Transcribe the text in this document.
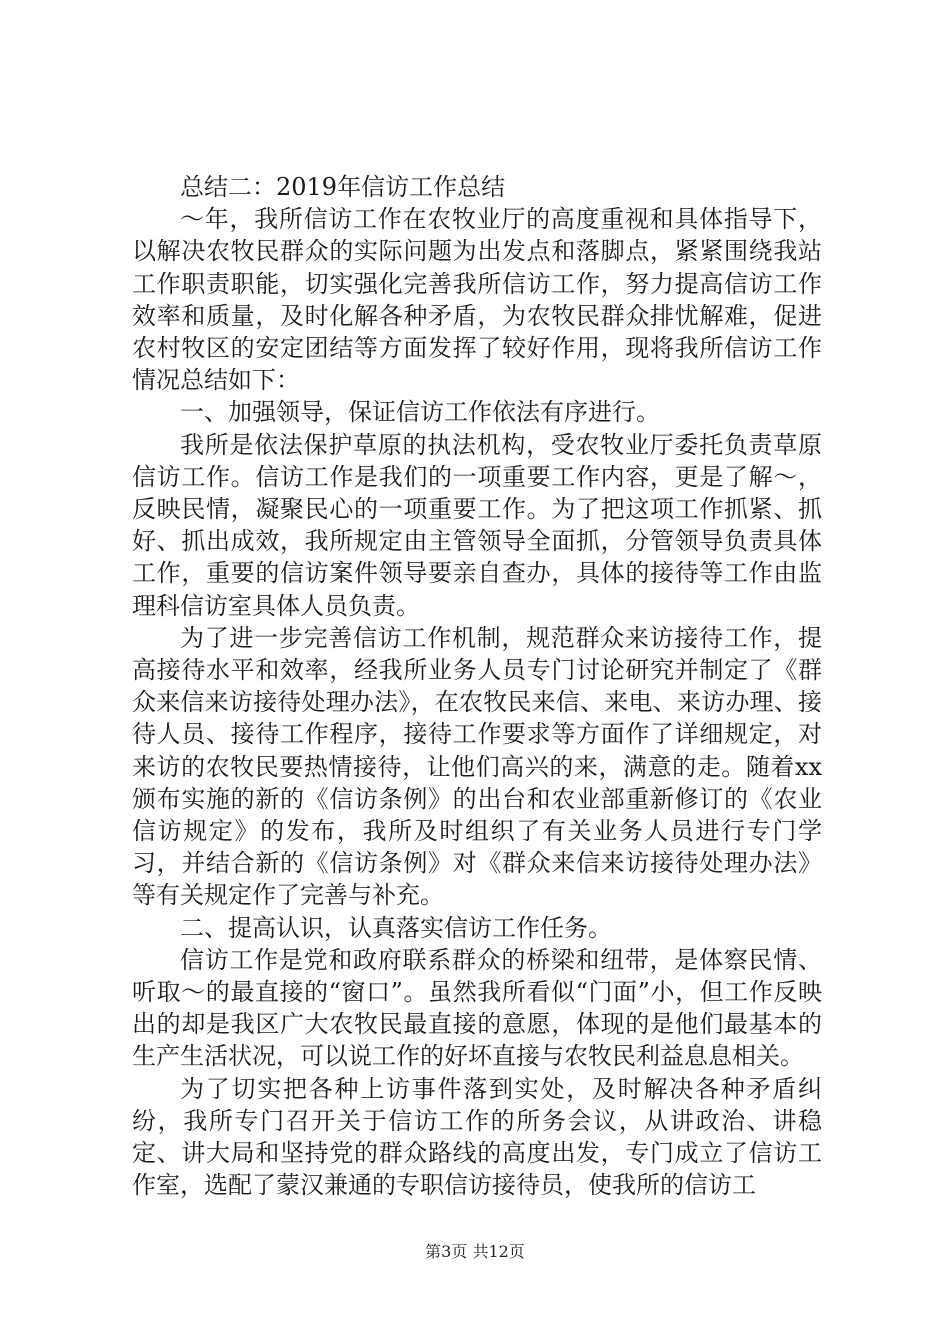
总结二：2019年信访工作总结

～年，我所信访工作在农牧业厅的高度重视和具体指导下，以解决农牧民群众的实际问题为出发点和落脚点，紧紧围绕我站工作职责职能，切实强化完善我所信访工作，努力提高信访工作效率和质量，及时化解各种矛盾，为农牧民群众排忧解难，促进农村牧区的安定团结等方面发挥了较好作用，现将我所信访工作情况总结如下：

一、加强领导，保证信访工作依法有序进行。

我所是依法保护草原的执法机构，受农牧业厅委托负责草原信访工作。信访工作是我们的一项重要工作内容，更是了解～，反映民情，凝聚民心的一项重要工作。为了把这项工作抓紧、抓好、抓出成效，我所规定由主管领导全面抓，分管领导负责具体工作，重要的信访案件领导要亲自查办，具体的接待等工作由监理科信访室具体人员负责。

为了进一步完善信访工作机制，规范群众来访接待工作，提高接待水平和效率，经我所业务人员专门讨论研究并制定了《群众来信来访接待处理办法》，在农牧民来信、来电、来访办理、接待人员、接待工作程序，接待工作要求等方面作了详细规定，对来访的农牧民要热情接待，让他们高兴的来，满意的走。随着xx颁布实施的新的《信访条例》的出台和农业部重新修订的《农业信访规定》的发布，我所及时组织了有关业务人员进行专门学习，并结合新的《信访条例》对《群众来信来访接待处理办法》等有关规定作了完善与补充。

二、提高认识，认真落实信访工作任务。

信访工作是党和政府联系群众的桥梁和纽带，是体察民情、听取～的最直接的“窗口”。虽然我所看似“门面”小，但工作反映出的却是我区广大农牧民最直接的意愿，体现的是他们最基本的生产生活状况，可以说工作的好坏直接与农牧民利益息息相关。

为了切实把各种上访事件落到实处，及时解决各种矛盾纠纷，我所专门召开关于信访工作的所务会议，从讲政治、讲稳定、讲大局和坚持党的群众路线的高度出发，专门成立了信访工作室，选配了蒙汉兼通的专职信访接待员，使我所的信访工

第3页 共12页
